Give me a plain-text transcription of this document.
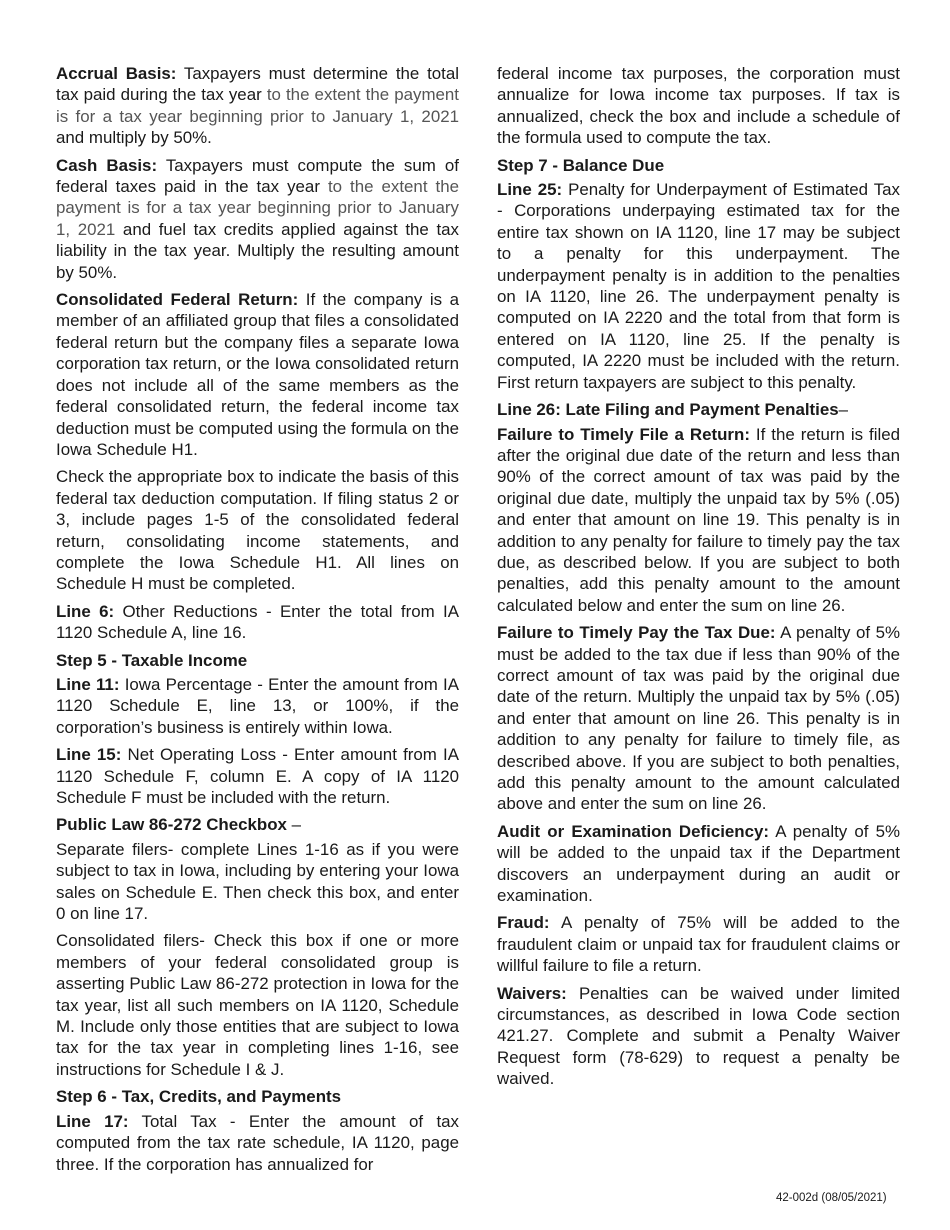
Accrual Basis: Taxpayers must determine the total tax paid during the tax year to the extent the payment is for a tax year beginning prior to January 1, 2021 and multiply by 50%.

Cash Basis: Taxpayers must compute the sum of federal taxes paid in the tax year to the extent the payment is for a tax year beginning prior to January 1, 2021 and fuel tax credits applied against the tax liability in the tax year. Multiply the resulting amount by 50%.

Consolidated Federal Return: If the company is a member of an affiliated group that files a consolidated federal return but the company files a separate Iowa corporation tax return, or the Iowa consolidated return does not include all of the same members as the federal consolidated return, the federal income tax deduction must be computed using the formula on the Iowa Schedule H1.

Check the appropriate box to indicate the basis of this federal tax deduction computation. If filing status 2 or 3, include pages 1-5 of the consolidated federal return, consolidating income statements, and complete the Iowa Schedule H1. All lines on Schedule H must be completed.

Line 6: Other Reductions - Enter the total from IA 1120 Schedule A, line 16.

Step 5 - Taxable Income

Line 11: Iowa Percentage - Enter the amount from IA 1120 Schedule E, line 13, or 100%, if the corporation’s business is entirely within Iowa.

Line 15: Net Operating Loss - Enter amount from IA 1120 Schedule F, column E. A copy of IA 1120 Schedule F must be included with the return.

Public Law 86-272 Checkbox –

Separate filers- complete Lines 1-16 as if you were subject to tax in Iowa, including by entering your Iowa sales on Schedule E. Then check this box, and enter 0 on line 17.

Consolidated filers- Check this box if one or more members of your federal consolidated group is asserting Public Law 86-272 protection in Iowa for the tax year, list all such members on IA 1120, Schedule M. Include only those entities that are subject to Iowa tax for the tax year in completing lines 1-16, see instructions for Schedule I & J.

Step 6 - Tax, Credits, and Payments

Line 17: Total Tax - Enter the amount of tax computed from the tax rate schedule, IA 1120, page three. If the corporation has annualized for

federal income tax purposes, the corporation must annualize for Iowa income tax purposes. If tax is annualized, check the box and include a schedule of the formula used to compute the tax.

Step 7 - Balance Due

Line 25: Penalty for Underpayment of Estimated Tax - Corporations underpaying estimated tax for the entire tax shown on IA 1120, line 17 may be subject to a penalty for this underpayment. The underpayment penalty is in addition to the penalties on IA 1120, line 26. The underpayment penalty is computed on IA 2220 and the total from that form is entered on IA 1120, line 25. If the penalty is computed, IA 2220 must be included with the return. First return taxpayers are subject to this penalty.

Line 26: Late Filing and Payment Penalties–

Failure to Timely File a Return: If the return is filed after the original due date of the return and less than 90% of the correct amount of tax was paid by the original due date, multiply the unpaid tax by 5% (.05) and enter that amount on line 19. This penalty is in addition to any penalty for failure to timely pay the tax due, as described below. If you are subject to both penalties, add this penalty amount to the amount calculated below and enter the sum on line 26.

Failure to Timely Pay the Tax Due: A penalty of 5% must be added to the tax due if less than 90% of the correct amount of tax was paid by the original due date of the return. Multiply the unpaid tax by 5% (.05) and enter that amount on line 26. This penalty is in addition to any penalty for failure to timely file, as described above. If you are subject to both penalties, add this penalty amount to the amount calculated above and enter the sum on line 26.

Audit or Examination Deficiency: A penalty of 5% will be added to the unpaid tax if the Department discovers an underpayment during an audit or examination.

Fraud: A penalty of 75% will be added to the fraudulent claim or unpaid tax for fraudulent claims or willful failure to file a return.

Waivers: Penalties can be waived under limited circumstances, as described in Iowa Code section 421.27. Complete and submit a Penalty Waiver Request form (78-629) to request a penalty be waived.

42-002d (08/05/2021)
